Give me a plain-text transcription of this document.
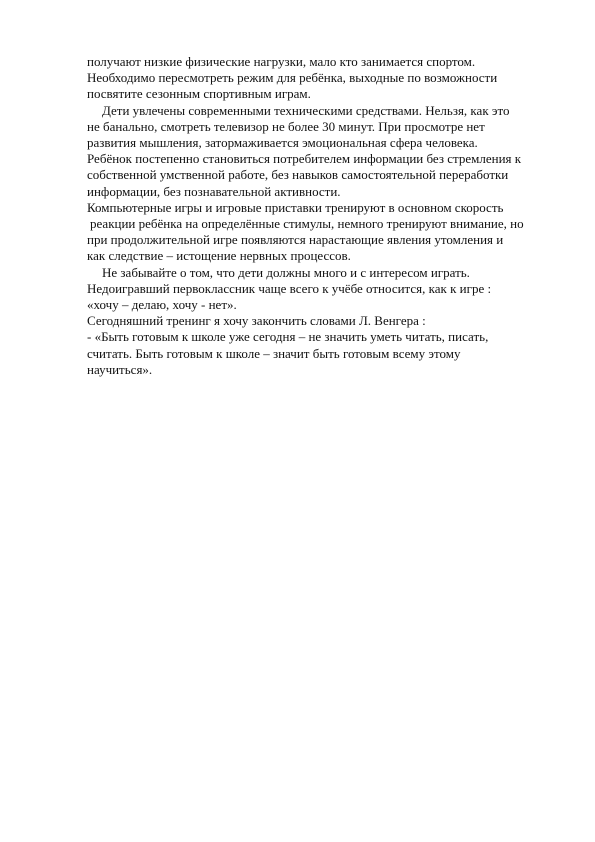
получают низкие физические нагрузки, мало кто занимается спортом.
Необходимо пересмотреть режим для ребёнка, выходные по возможности
посвятите сезонным спортивным играм.
Дети увлечены современными техническими средствами. Нельзя, как это
не банально, смотреть телевизор не более 30 минут. При просмотре нет
развития мышления, затормаживается эмоциональная сфера человека.
Ребёнок постепенно становиться потребителем информации без стремления к
собственной умственной работе, без навыков самостоятельной переработки
информации, без познавательной активности.
Компьютерные игры и игровые приставки тренируют в основном скорость
реакции ребёнка на определённые стимулы, немного тренируют внимание, но
при продолжительной игре появляются нарастающие явления утомления и
как следствие – истощение нервных процессов.
Не забывайте о том, что дети должны много и с интересом играть.
Недоигравший первоклассник чаще всего к учёбе относится, как к игре :
«хочу – делаю, хочу - нет».
Сегодняшний тренинг я хочу закончить словами Л. Венгера :
- «Быть готовым к школе уже сегодня – не значить уметь читать, писать,
считать. Быть готовым к школе – значит быть готовым всему этому
научиться».
